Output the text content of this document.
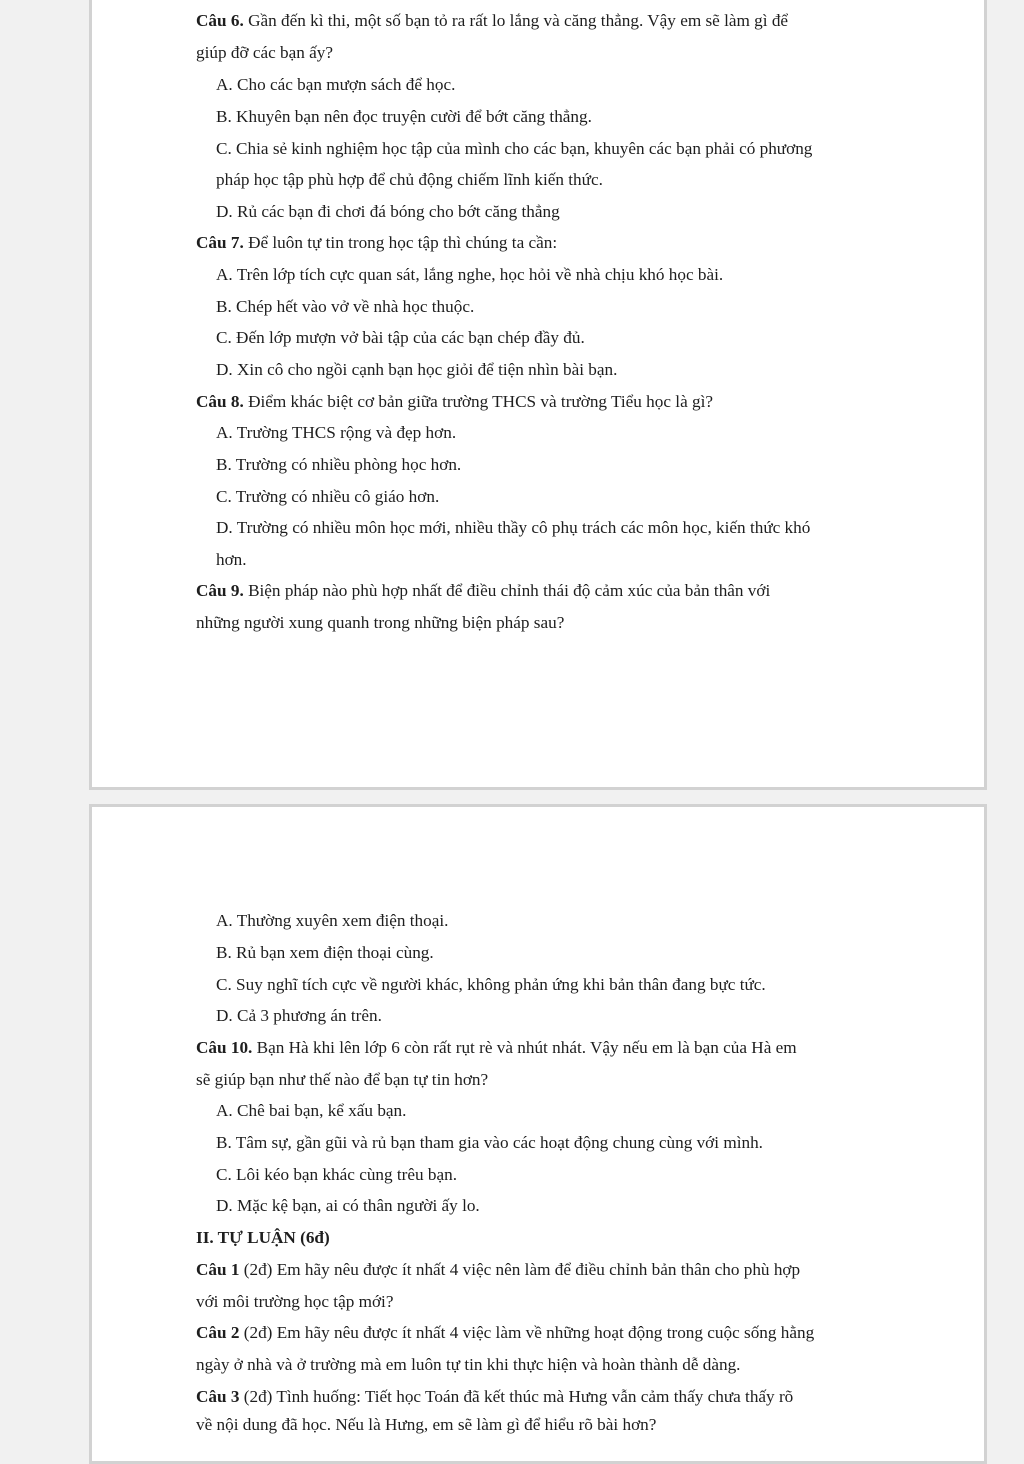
Câu 6. Gần đến kì thi, một số bạn tỏ ra rất lo lắng và căng thẳng. Vậy em sẽ làm gì để
giúp đỡ các bạn ấy?
A. Cho các bạn mượn sách để học.
B. Khuyên bạn nên đọc truyện cười để bớt căng thẳng.
C. Chia sẻ kinh nghiệm học tập của mình cho các bạn, khuyên các bạn phải có phương
pháp học tập phù hợp để chủ động chiếm lĩnh kiến thức.
D. Rủ các bạn đi chơi đá bóng cho bớt căng thẳng
Câu 7. Để luôn tự tin trong học tập thì chúng ta cần:
A. Trên lớp tích cực quan sát, lắng nghe, học hỏi về nhà chịu khó học bài.
B. Chép hết vào vở về nhà học thuộc.
C. Đến lớp mượn vở bài tập của các bạn chép đầy đủ.
D. Xin cô cho ngồi cạnh bạn học giỏi để tiện nhìn bài bạn.
Câu 8. Điểm khác biệt cơ bản giữa trường THCS và trường Tiểu học là gì?
A. Trường THCS rộng và đẹp hơn.
B. Trường có nhiều phòng học hơn.
C. Trường có nhiều cô giáo hơn.
D. Trường có nhiều môn học mới, nhiều thầy cô phụ trách các môn học, kiến thức khó
hơn.
Câu 9. Biện pháp nào phù hợp nhất để điều chỉnh thái độ cảm xúc của bản thân với
những người xung quanh trong những biện pháp sau?
A. Thường xuyên xem điện thoại.
B. Rủ bạn xem điện thoại cùng.
C. Suy nghĩ tích cực về người khác, không phản ứng khi bản thân đang bực tức.
D. Cả 3 phương án trên.
Câu 10. Bạn Hà khi lên lớp 6 còn rất rụt rè và nhút nhát. Vậy nếu em là bạn của Hà em
sẽ giúp bạn như thế nào để bạn tự tin hơn?
A. Chê bai bạn, kể xấu bạn.
B. Tâm sự, gần gũi và rủ bạn tham gia vào các hoạt động chung cùng với mình.
C. Lôi kéo bạn khác cùng trêu bạn.
D. Mặc kệ bạn, ai có thân người ấy lo.
II. TỰ LUẬN (6đ)
Câu 1 (2đ) Em hãy nêu được ít nhất 4 việc nên làm để điều chỉnh bản thân cho phù hợp
với môi trường học tập mới?
Câu 2 (2đ) Em hãy nêu được ít nhất 4 việc làm về những hoạt động trong cuộc sống hằng
ngày ở nhà và ở trường mà em luôn tự tin khi thực hiện và hoàn thành dễ dàng.
Câu 3 (2đ) Tình huống: Tiết học Toán đã kết thúc mà Hưng vẫn cảm thấy chưa thấy rõ
về nội dung đã học. Nếu là Hưng, em sẽ làm gì để hiểu rõ bài hơn?
